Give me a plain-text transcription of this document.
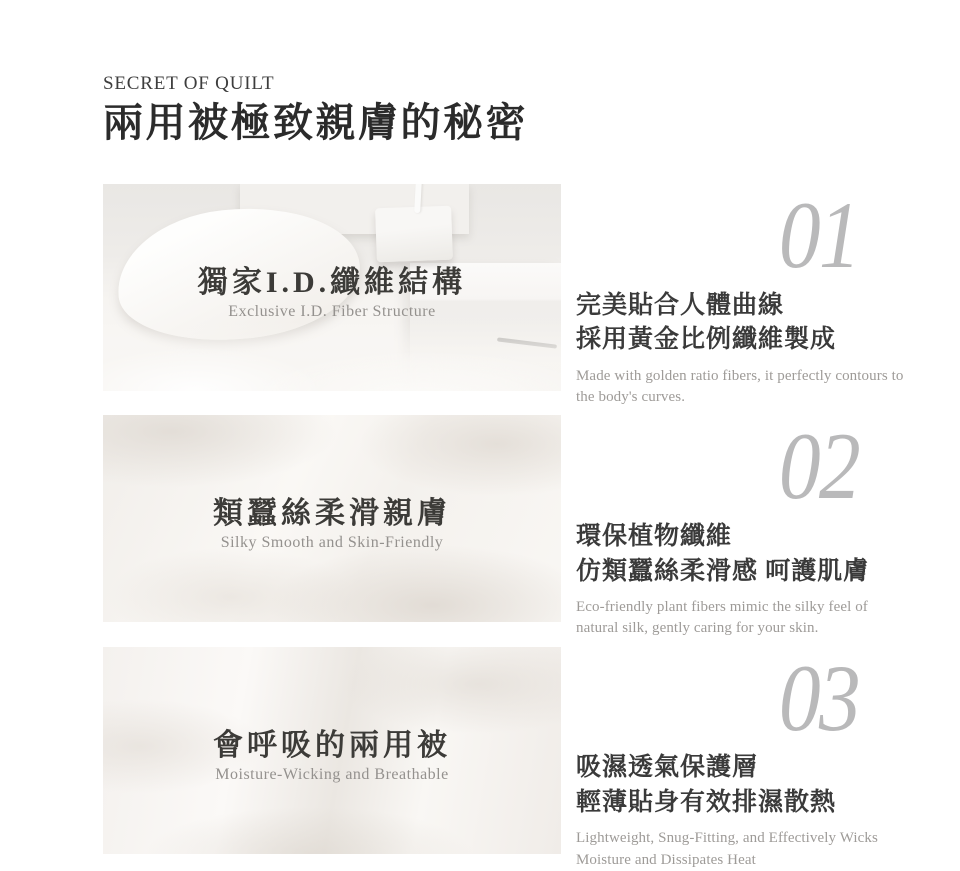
SECRET OF QUILT
兩用被極致親膚的秘密
獨家I.D.纖維結構
Exclusive I.D. Fiber Structure
01
完美貼合人體曲線
採用黃金比例纖維製成

Made with golden ratio fibers, it perfectly contours to the body's curves.

類蠶絲柔滑親膚
Silky Smooth and Skin-Friendly
02
環保植物纖維
仿類蠶絲柔滑感 呵護肌膚

Eco-friendly plant fibers mimic the silky feel of natural silk, gently caring for your skin.

會呼吸的兩用被
Moisture-Wicking and Breathable
03
吸濕透氣保護層
輕薄貼身有效排濕散熱

Lightweight, Snug-Fitting, and Effectively Wicks Moisture and Dissipates Heat
